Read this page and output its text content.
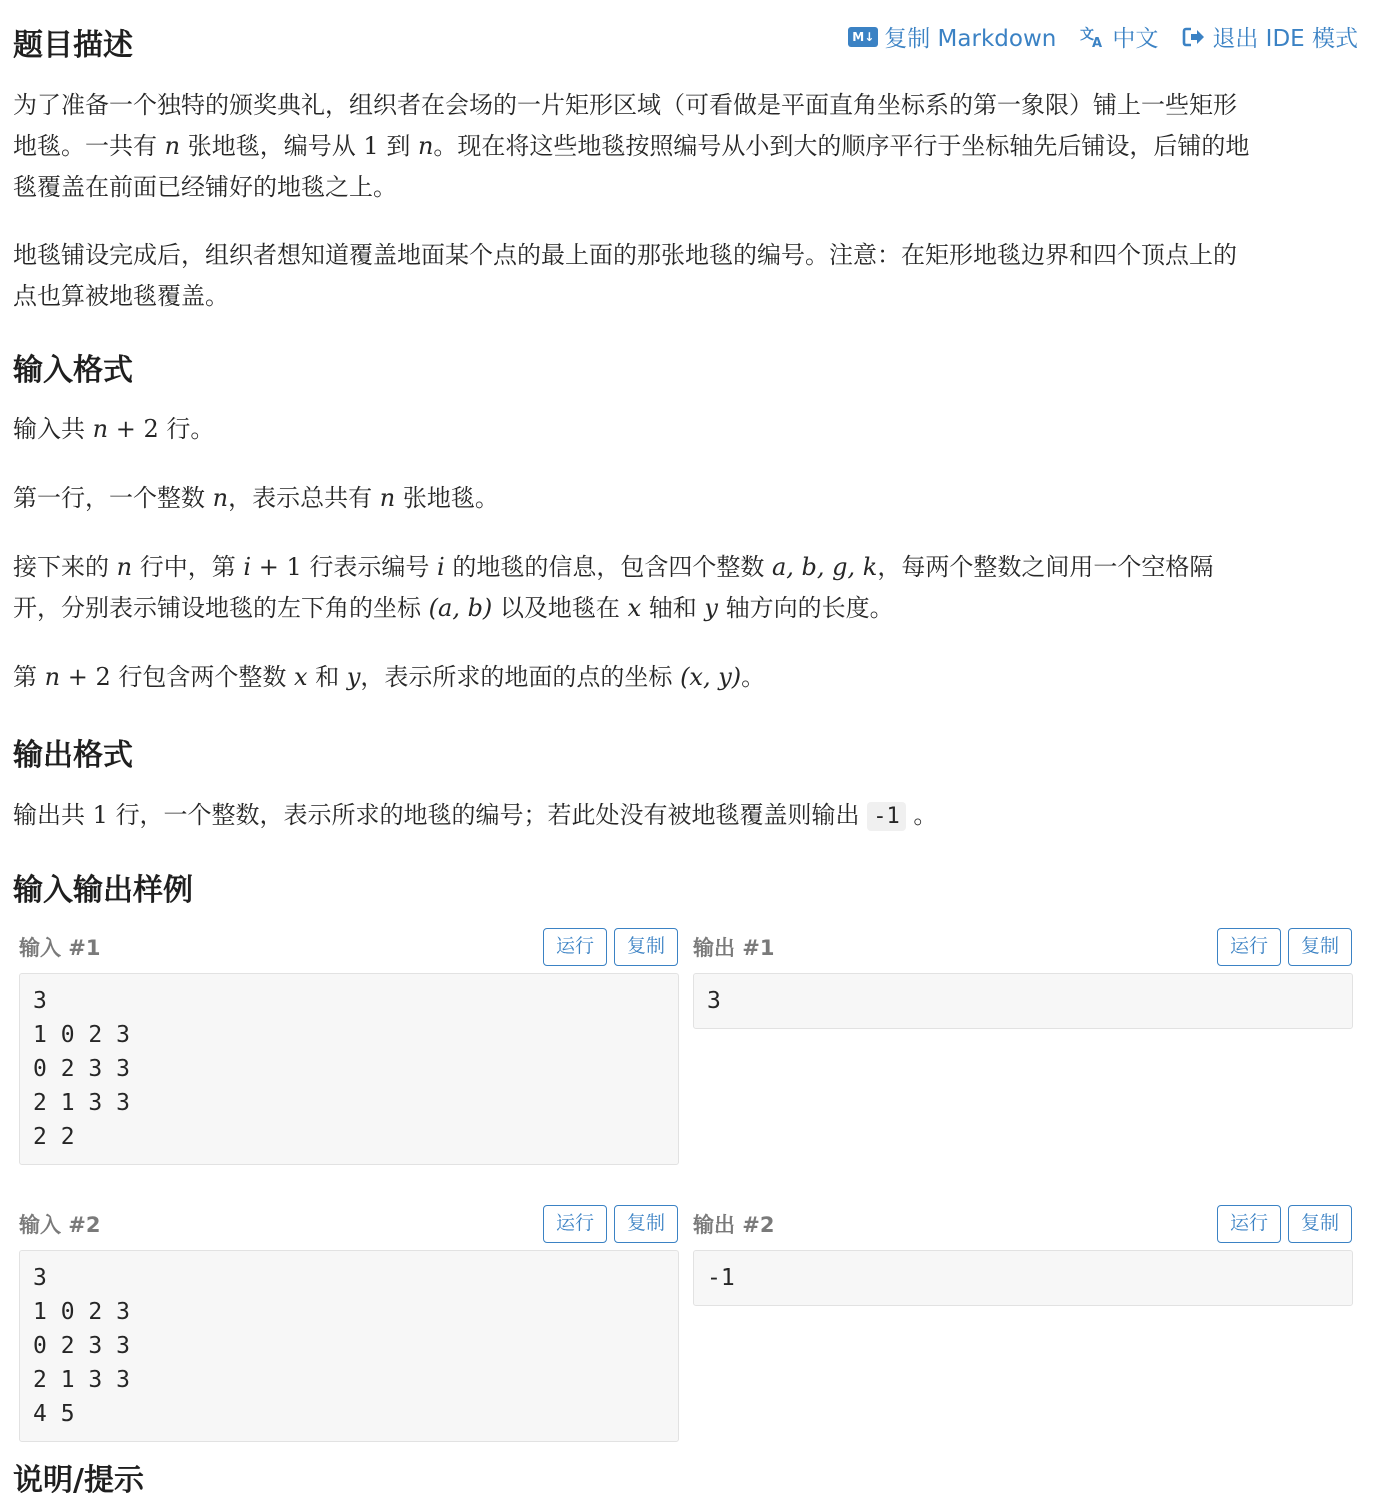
M↓ 复制 Markdown 文
A 中文 退出 IDE 模式
题目描述
为了准备一个独特的颁奖典礼，组织者在会场的一片矩形区域（可看做是平面直角坐标系的第一象限）铺上一些矩形
地毯。一共有 n 张地毯，编号从 1 到 n。现在将这些地毯按照编号从小到大的顺序平行于坐标轴先后铺设，后铺的地
毯覆盖在前面已经铺好的地毯之上。
地毯铺设完成后，组织者想知道覆盖地面某个点的最上面的那张地毯的编号。注意：在矩形地毯边界和四个顶点上的
点也算被地毯覆盖。
输入格式
输入共 n + 2 行。
第一行，一个整数 n，表示总共有 n 张地毯。
接下来的 n 行中，第 i + 1 行表示编号 i 的地毯的信息，包含四个整数 a, b, g, k，每两个整数之间用一个空格隔
开，分别表示铺设地毯的左下角的坐标 (a, b) 以及地毯在 x 轴和 y 轴方向的长度。
第 n + 2 行包含两个整数 x 和 y，表示所求的地面的点的坐标 (x, y)。
输出格式
输出共 1 行，一个整数，表示所求的地毯的编号；若此处没有被地毯覆盖则输出 -1 。
输入输出样例
输入 #1	运行	复制
3
1 0 2 3
0 2 3 3
2 1 3 3
2 2
输出 #1	运行	复制
3
输入 #2	运行	复制
3
1 0 2 3
0 2 3 3
2 1 3 3
4 5
输出 #2	运行	复制
-1
说明/提示
